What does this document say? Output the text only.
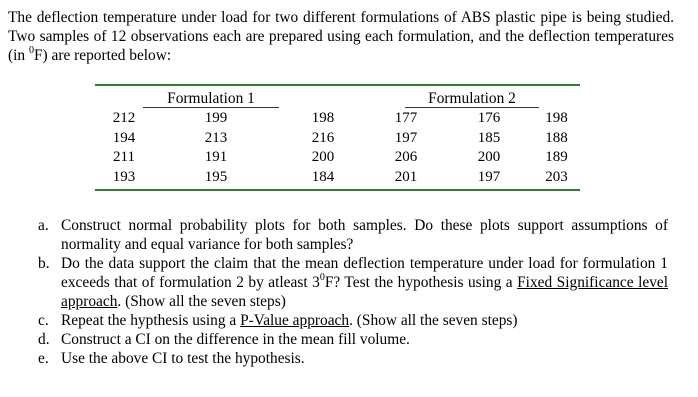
The deflection temperature under load for two different formulations of ABS plastic pipe is being studied. Two samples of 12 observations each are prepared using each formulation, and the deflection temperatures (in $^0$F) are reported below:
Formulation 1	Formulation 2
212	199	198	177	176	198
194	213	216	197	185	188
211	191	200	206	200	189
193	195	184	201	197	203
a. Construct normal probability plots for both samples. Do these plots support assumptions of normality and equal variance for both samples?
b. Do the data support the claim that the mean deflection temperature under load for formulation 1 exceeds that of formulation 2 by atleast $3^0F$? Test the hypothesis using a Fixed Significance level approach. (Show all the seven steps)
c. Repeat the hypthesis using a P-Value approach. (Show all the seven steps)
d. Construct a CI on the difference in the mean fill volume.
e. Use the above CI to test the hypothesis.
